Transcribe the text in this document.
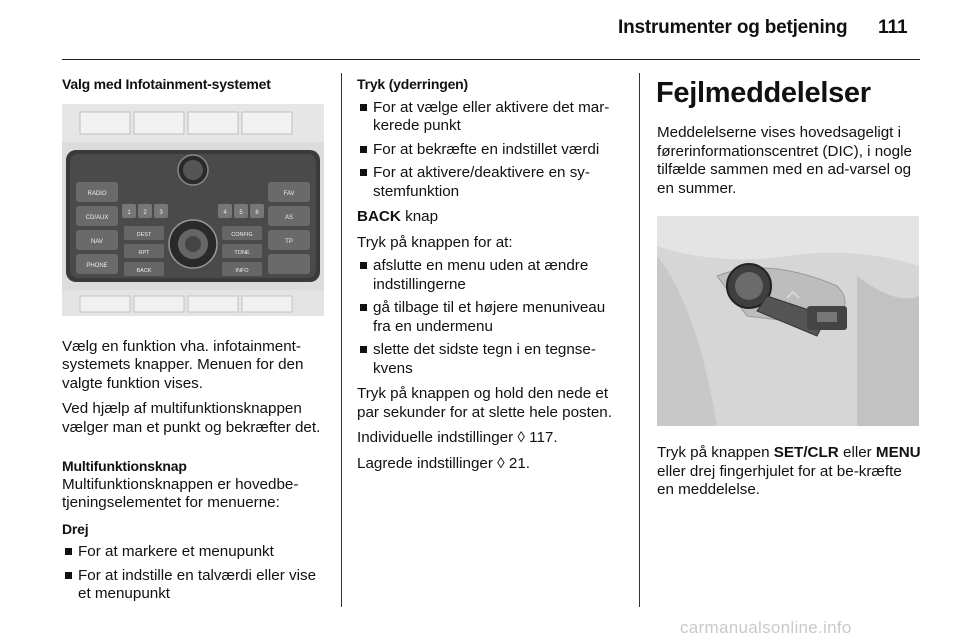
Instrumenter og betjening 111
Valg med Infotainment-systemet
RADIO
CD/AUX
NAV
PHONE
FAV
AS
TP
1 2 3	4 5 6
DEST	CONFIG
RPT	TONE
BACK	INFO

Vælg en funktion vha. infotainment-systemets knapper. Menuen for den valgte funktion vises.

Ved hjælp af multifunktionsknappen vælger man et punkt og bekræfter det.

Multifunktionsknap

Multifunktionsknappen er hovedbe-tjeningselementet for menuerne:

Drej
For at markere et menupunkt
For at indstille en talværdi eller vise et menupunkt
Tryk (yderringen)
For at vælge eller aktivere det mar-kerede punkt
For at bekræfte en indstillet værdi
For at aktivere/deaktivere en sy-stemfunktion

BACK knap

Tryk på knappen for at:

afslutte en menu uden at ændre indstillingerne
gå tilbage til et højere menuniveau fra en undermenu
slette det sidste tegn i en tegnse-kvens

Tryk på knappen og hold den nede et par sekunder for at slette hele posten.

Individuelle indstillinger ◊ 117.

Lagrede indstillinger ◊ 21.

Fejlmeddelelser

Meddelelserne vises hovedsageligt i førerinformationscentret (DIC), i nogle tilfælde sammen med en ad-varsel og en summer.

Tryk på knappen SET/CLR eller MENU eller drej fingerhjulet for at be-kræfte en meddelelse.

carmanualsonline.info
